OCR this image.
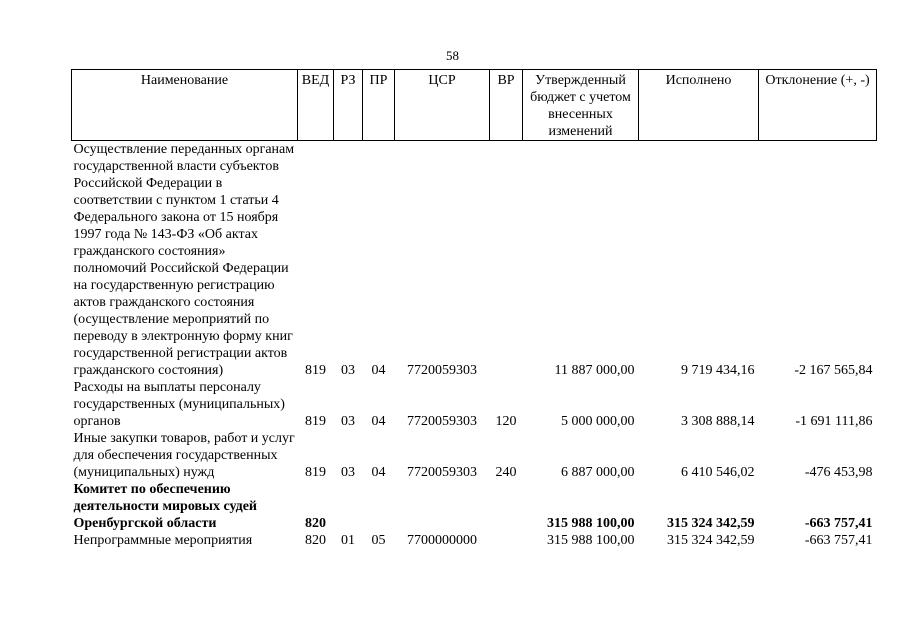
58
Наименование	ВЕД	РЗ	ПР	ЦСР	ВР	Утвержденный бюджет с учетом внесенных изменений	Исполнено	Отклонение (+, -)
Осуществление переданных органам государственной власти субъектов Российской Федерации в соответствии с пунктом 1 статьи 4 Федерального закона от 15 ноября 1997 года № 143-ФЗ «Об актах гражданского состояния» полномочий Российской Федерации на государственную регистрацию актов гражданского состояния (осуществление мероприятий по переводу в электронную форму книг государственной регистрации актов гражданского состояния)	819	03	04	7720059303		11 887 000,00	9 719 434,16	-2 167 565,84
Расходы на выплаты персоналу государственных (муниципальных) органов	819	03	04	7720059303	120	5 000 000,00	3 308 888,14	-1 691 111,86
Иные закупки товаров, работ и услуг для обеспечения государственных (муниципальных) нужд	819	03	04	7720059303	240	6 887 000,00	6 410 546,02	-476 453,98
Комитет по обеспечению деятельности мировых судей Оренбургской области	820					315 988 100,00	315 324 342,59	-663 757,41
Непрограммные мероприятия	820	01	05	7700000000		315 988 100,00	315 324 342,59	-663 757,41
